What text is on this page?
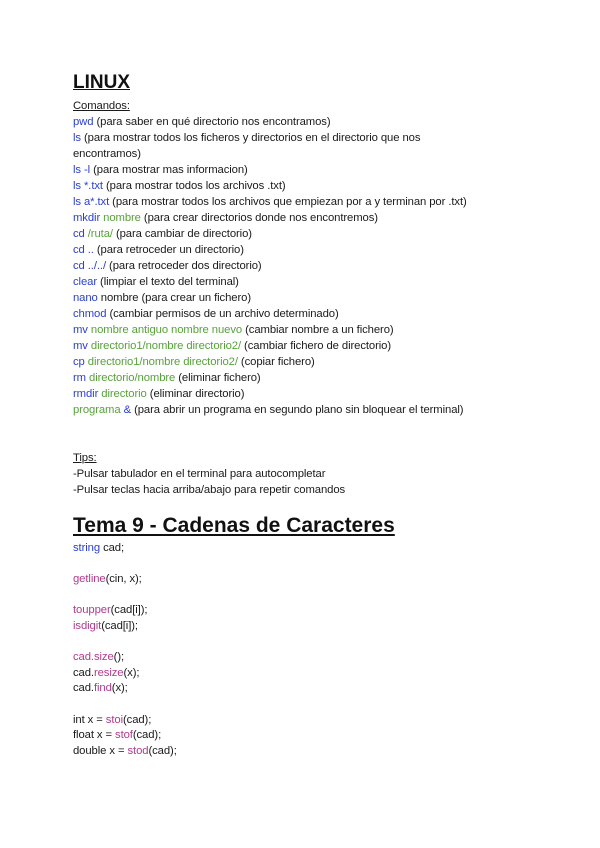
LINUX
Comandos:
pwd (para saber en qué directorio nos encontramos)
ls (para mostrar todos los ficheros y directorios en el directorio que nos
encontramos)
ls -l (para mostrar mas informacion)
ls *.txt (para mostrar todos los archivos .txt)
ls a*.txt (para mostrar todos los archivos que empiezan por a y terminan por .txt)
mkdir nombre (para crear directorios donde nos encontremos)
cd /ruta/ (para cambiar de directorio)
cd .. (para retroceder un directorio)
cd ../../ (para retroceder dos directorio)
clear (limpiar el texto del terminal)
nano nombre (para crear un fichero)
chmod (cambiar permisos de un archivo determinado)
mv nombre antiguo nombre nuevo (cambiar nombre a un fichero)
mv directorio1/nombre directorio2/ (cambiar fichero de directorio)
cp directorio1/nombre directorio2/ (copiar fichero)
rm directorio/nombre (eliminar fichero)
rmdir directorio (eliminar directorio)
programa & (para abrir un programa en segundo plano sin bloquear el terminal)
Tips:
-Pulsar tabulador en el terminal para autocompletar
-Pulsar teclas hacia arriba/abajo para repetir comandos
Tema 9 - Cadenas de Caracteres
string cad;
getline(cin, x);
toupper(cad[i]);
isdigit(cad[i]);
cad.size();
cad.resize(x);
cad.find(x);
int x = stoi(cad);
float x = stof(cad);
double x = stod(cad);
